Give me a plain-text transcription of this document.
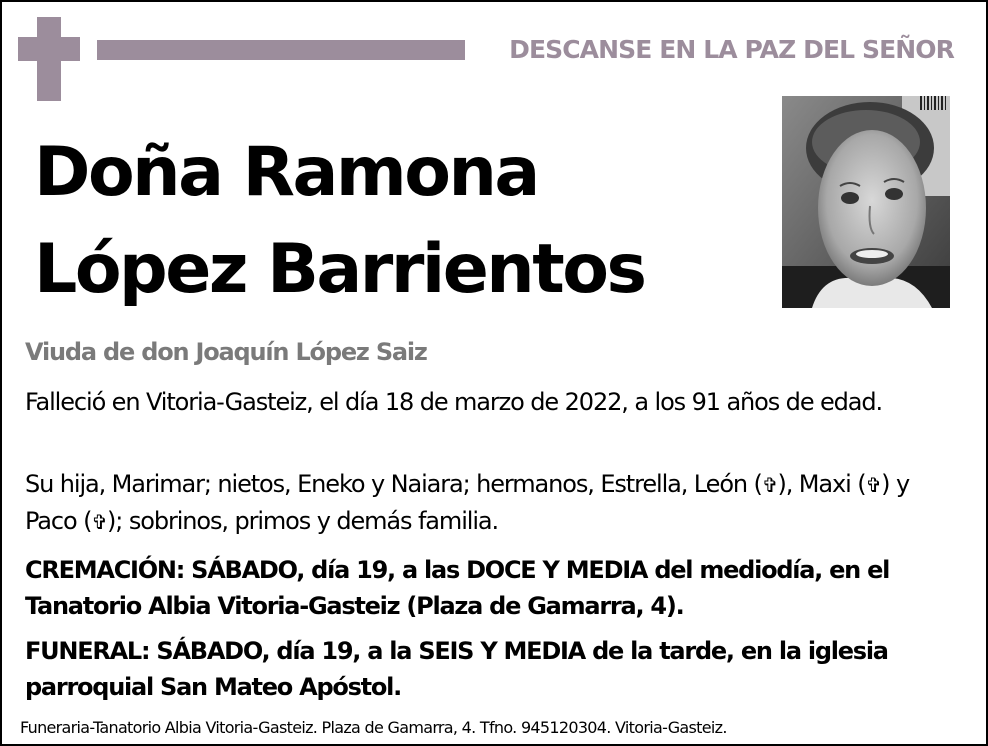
DESCANSE EN LA PAZ DEL SEÑOR
Doña Ramona
López Barrientos
Viuda de don Joaquín López Saiz
Falleció en Vitoria-Gasteiz, el día 18 de marzo de 2022, a los 91 años de edad.
Su hija, Marimar; nietos, Eneko y Naiara; hermanos, Estrella, León (✞), Maxi (✞) y Paco (✞); sobrinos, primos y demás familia.
CREMACIÓN: SÁBADO, día 19, a las DOCE Y MEDIA del mediodía, en el Tanatorio Albia Vitoria-Gasteiz (Plaza de Gamarra, 4).
FUNERAL: SÁBADO, día 19, a la SEIS Y MEDIA de la tarde, en la iglesia parroquial San Mateo Apóstol.
Funeraria-Tanatorio Albia Vitoria-Gasteiz. Plaza de Gamarra, 4. Tfno. 945120304. Vitoria-Gasteiz.
